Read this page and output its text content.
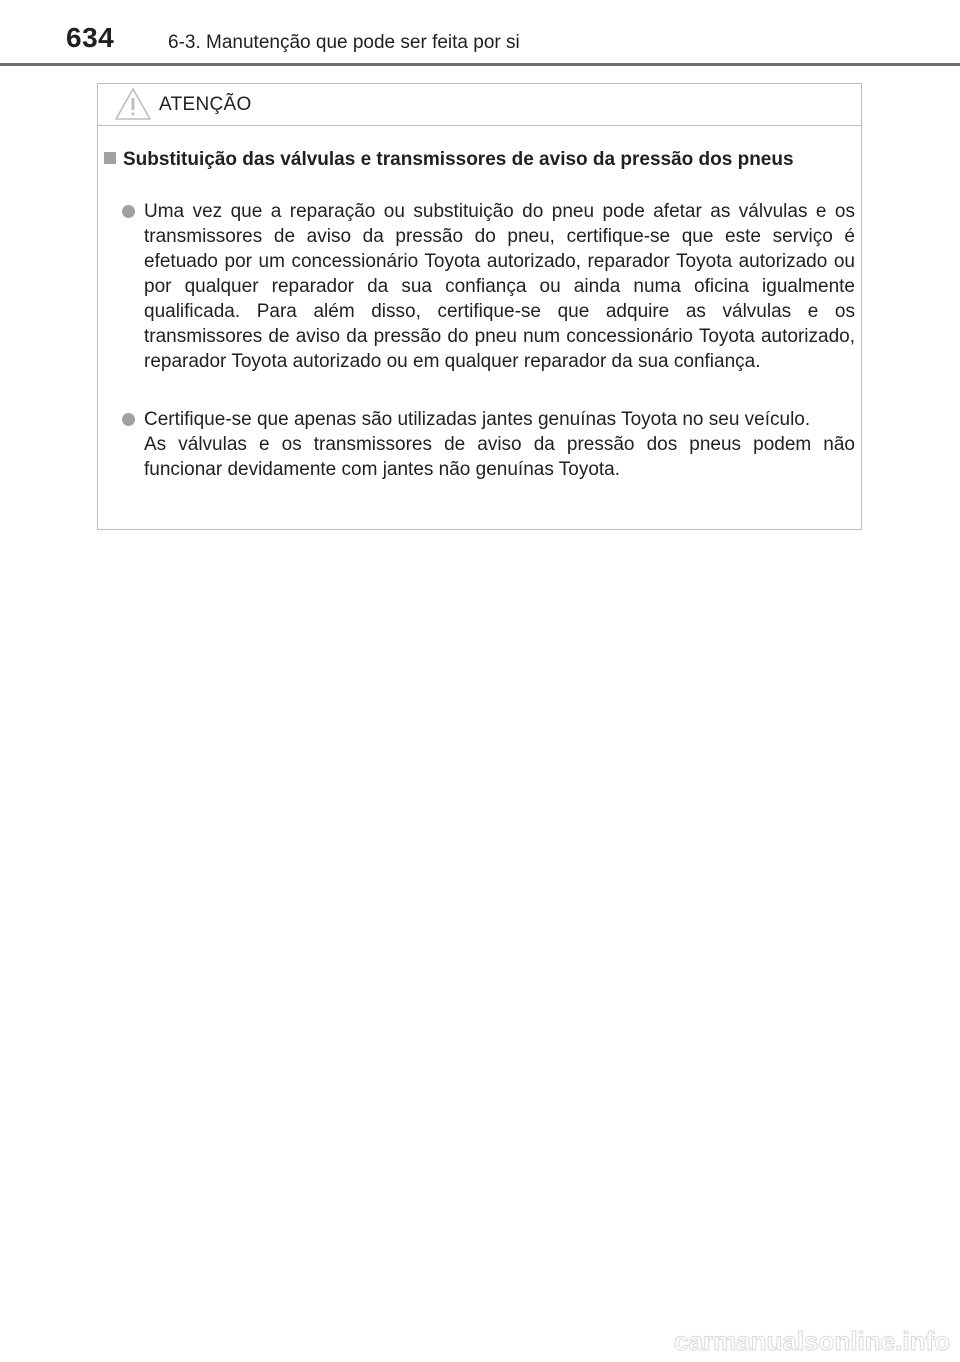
634	6-3. Manutenção que pode ser feita por si
ATENÇÃO

Substituição das válvulas e transmissores de aviso da pressão dos pneus

Uma vez que a reparação ou substituição do pneu pode afetar as válvulas e os transmissores de aviso da pressão do pneu, certifique-se que este serviço é efetuado por um concessionário Toyota autorizado, reparador Toyota autorizado ou por qualquer reparador da sua confiança ou ainda numa oficina igualmente qualificada. Para além disso, certifique-se que adquire as válvulas e os transmissores de aviso da pressão do pneu num concessionário Toyota autorizado, reparador Toyota autorizado ou em qualquer reparador da sua confiança.

Certifique-se que apenas são utilizadas jantes genuínas Toyota no seu veículo.

As válvulas e os transmissores de aviso da pressão dos pneus podem não funcionar devidamente com jantes não genuínas Toyota.

carmanualsonline.info
